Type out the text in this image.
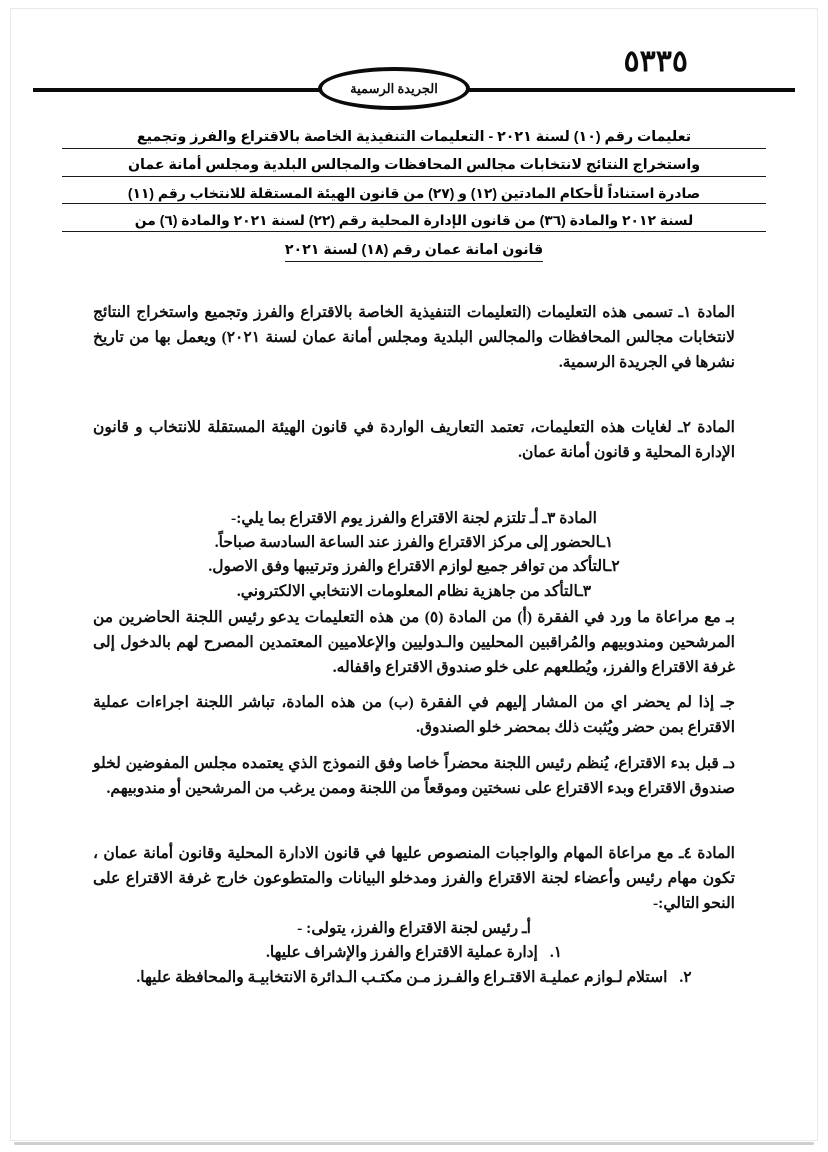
٥٣٣٥
الجريدة الرسمية
تعليمات رقم (١٠) لسنة ٢٠٢١ - التعليمات التنفيذية الخاصة بالاقتراع والفرز وتجميع
واستخراج النتائج لانتخابات مجالس المحافظات والمجالس البلدية ومجلس أمانة عمان
صادرة استناداً لأحكام المادتين (١٢) و (٢٧) من قانون الهيئة المستقلة للانتخاب رقم (١١)
لسنة ٢٠١٢ والمادة (٣٦) من قانون الإدارة المحلية رقم (٢٢) لسنة ٢٠٢١ والمادة (٦) من
قانون امانة عمان رقم (١٨) لسنة ٢٠٢١

المادة ١ـ تسمى هذه التعليمات (التعليمات التنفيذية الخاصة بالاقتراع والفرز وتجميع واستخراج النتائج لانتخابات مجالس المحافظات والمجالس البلدية ومجلس أمانة عمان لسنة ٢٠٢١) ويعمل بها من تاريخ نشرها في الجريدة الرسمية.

المادة ٢ـ لغايات هذه التعليمات، تعتمد التعاريف الواردة في قانون الهيئة المستقلة للانتخاب و قانون الإدارة المحلية و قانون أمانة عمان.

المادة ٣ـ أـ تلتزم لجنة الاقتراع والفرز يوم الاقتراع بما يلي:-

١ـالحضور إلى مركز الاقتراع والفرز عند الساعة السادسة صباحاً.
٢ـالتأكد من توافر جميع لوازم الاقتراع والفرز وترتيبها وفق الاصول.
٣ـالتأكد من جاهزية نظام المعلومات الانتخابي الالكتروني.

بـ مع مراعاة ما ورد في الفقرة (أ) من المادة (٥) من هذه التعليمات يدعو رئيس اللجنة الحاضرين من المرشحين ومندوبيهم والمُراقبين المحليين والـدوليين والإعلاميين المعتمدين المصرح لهم بالدخول إلى غرفة الاقتراع والفرز، ويُطلعهم على خلو صندوق الاقتراع واقفاله.

جـ إذا لم يحضر اي من المشار إليهم في الفقرة (ب) من هذه المادة، تباشر اللجنة اجراءات عملية الاقتراع بمن حضر ويُثبت ذلك بمحضر خلو الصندوق.

دـ قبل بدء الاقتراع، يُنظم رئيس اللجنة محضراً خاصا وفق النموذج الذي يعتمده مجلس المفوضين لخلو صندوق الاقتراع وبدء الاقتراع على نسختين وموقعاً من اللجنة وممن يرغب من المرشحين أو مندوبيهم.

المادة ٤ـ مع مراعاة المهام والواجبات المنصوص عليها في قانون الادارة المحلية وقانون أمانة عمان ، تكون مهام رئيس وأعضاء لجنة الاقتراع والفرز ومدخلو البيانات والمتطوعون خارج غرفة الاقتراع على النحو التالي:-

أـ رئيس لجنة الاقتراع والفرز، يتولى: -

١.
إدارة عملية الاقتراع والفرز والإشراف عليها.
٢.
استلام لـوازم عمليـة الاقتـراع والفـرز مـن مكتـب الـدائرة الانتخابيـة والمحافظة عليها.
